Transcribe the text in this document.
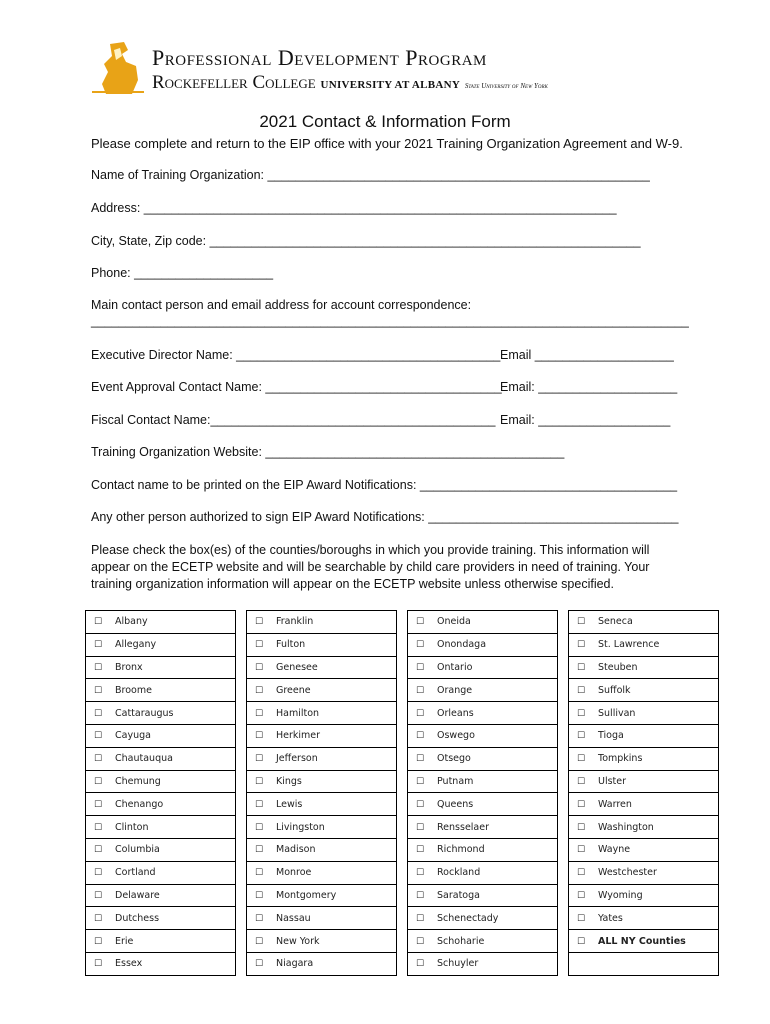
Professional Development Program
Rockefeller College UNIVERSITY AT ALBANY State University of New York
2021 Contact & Information Form
Please complete and return to the EIP office with your 2021 Training Organization Agreement and W-9.
Name of Training Organization: _______________________________________________________
Address: ____________________________________________________________________
City, State, Zip code: ______________________________________________________________
Phone: ____________________
Main contact person and email address for account correspondence:
______________________________________________________________________________________
Executive Director Name: ______________________________________ Email ____________________
Event Approval Contact Name: __________________________________
Email: ____________________
Fiscal Contact Name:_________________________________________ Email: ___________________
Training Organization Website: ___________________________________________
Contact name to be printed on the EIP Award Notifications: _____________________________________
Any other person authorized to sign EIP Award Notifications: ____________________________________
Please check the box(es) of the counties/boroughs in which you provide training. This information will appear on the ECETP website and will be searchable by child care providers in need of training. Your training organization information will appear on the ECETP website unless otherwise specified.
☐ Albany		☐ Franklin		☐ Oneida		☐ Seneca
☐ Allegany		☐ Fulton		☐ Onondaga		☐ St. Lawrence
☐ Bronx		☐ Genesee		☐ Ontario		☐ Steuben
☐ Broome		☐ Greene		☐ Orange		☐ Suffolk
☐ Cattaraugus		☐ Hamilton		☐ Orleans		☐ Sullivan
☐ Cayuga		☐ Herkimer		☐ Oswego		☐ Tioga
☐ Chautauqua		☐ Jefferson		☐ Otsego		☐ Tompkins
☐ Chemung		☐ Kings		☐ Putnam		☐ Ulster
☐ Chenango		☐ Lewis		☐ Queens		☐ Warren
☐ Clinton		☐ Livingston		☐ Rensselaer		☐ Washington
☐ Columbia		☐ Madison		☐ Richmond		☐ Wayne
☐ Cortland		☐ Monroe		☐ Rockland		☐ Westchester
☐ Delaware		☐ Montgomery		☐ Saratoga		☐ Wyoming
☐ Dutchess		☐ Nassau		☐ Schenectady		☐ Yates
☐ Erie		☐ New York		☐ Schoharie		☐ ALL NY Counties
☐ Essex		☐ Niagara		☐ Schuyler		
